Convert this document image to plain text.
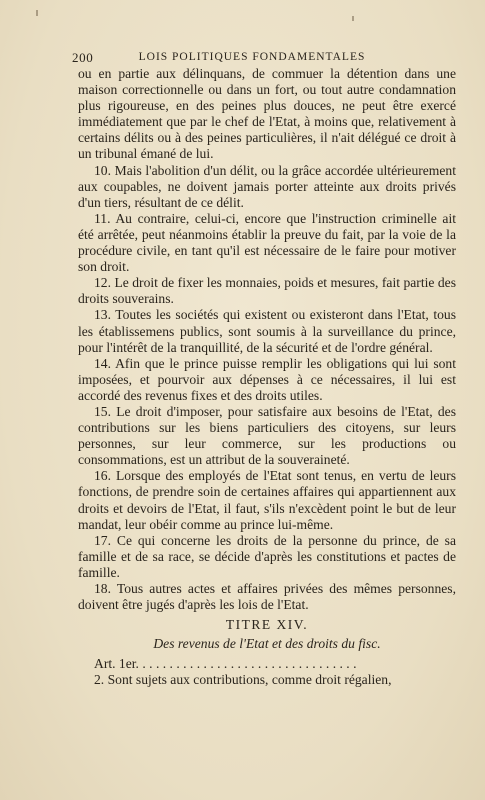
200	LOIS POLITIQUES FONDAMENTALES

ou en partie aux délinquans, de commuer la détention dans une maison correctionnelle ou dans un fort, ou tout autre condamnation plus rigoureuse, en des peines plus douces, ne peut être exercé immédiatement que par le chef de l'Etat, à moins que, relativement à certains délits ou à des peines particulières, il n'ait délégué ce droit à un tribunal émané de lui.

10. Mais l'abolition d'un délit, ou la grâce accordée ultérieurement aux coupables, ne doivent jamais porter atteinte aux droits privés d'un tiers, résultant de ce délit.

11. Au contraire, celui-ci, encore que l'instruction criminelle ait été arrêtée, peut néanmoins établir la preuve du fait, par la voie de la procédure civile, en tant qu'il est nécessaire de le faire pour motiver son droit.

12. Le droit de fixer les monnaies, poids et mesures, fait partie des droits souverains.

13. Toutes les sociétés qui existent ou existeront dans l'Etat, tous les établissemens publics, sont soumis à la surveillance du prince, pour l'intérêt de la tranquillité, de la sécurité et de l'ordre général.

14. Afin que le prince puisse remplir les obligations qui lui sont imposées, et pourvoir aux dépenses à ce nécessaires, il lui est accordé des revenus fixes et des droits utiles.

15. Le droit d'imposer, pour satisfaire aux besoins de l'Etat, des contributions sur les biens particuliers des citoyens, sur leurs personnes, sur leur commerce, sur les productions ou consommations, est un attribut de la souveraineté.

16. Lorsque des employés de l'Etat sont tenus, en vertu de leurs fonctions, de prendre soin de certaines affaires qui appartiennent aux droits et devoirs de l'Etat, il faut, s'ils n'excèdent point le but de leur mandat, leur obéir comme au prince lui-même.

17. Ce qui concerne les droits de la personne du prince, de sa famille et de sa race, se décide d'après les constitutions et pactes de famille.

18. Tous autres actes et affaires privées des mêmes personnes, doivent être jugés d'après les lois de l'Etat.

TITRE XIV.
Des revenus de l'Etat et des droits du fisc.

Art. 1er. ................................

2. Sont sujets aux contributions, comme droit régalien,
